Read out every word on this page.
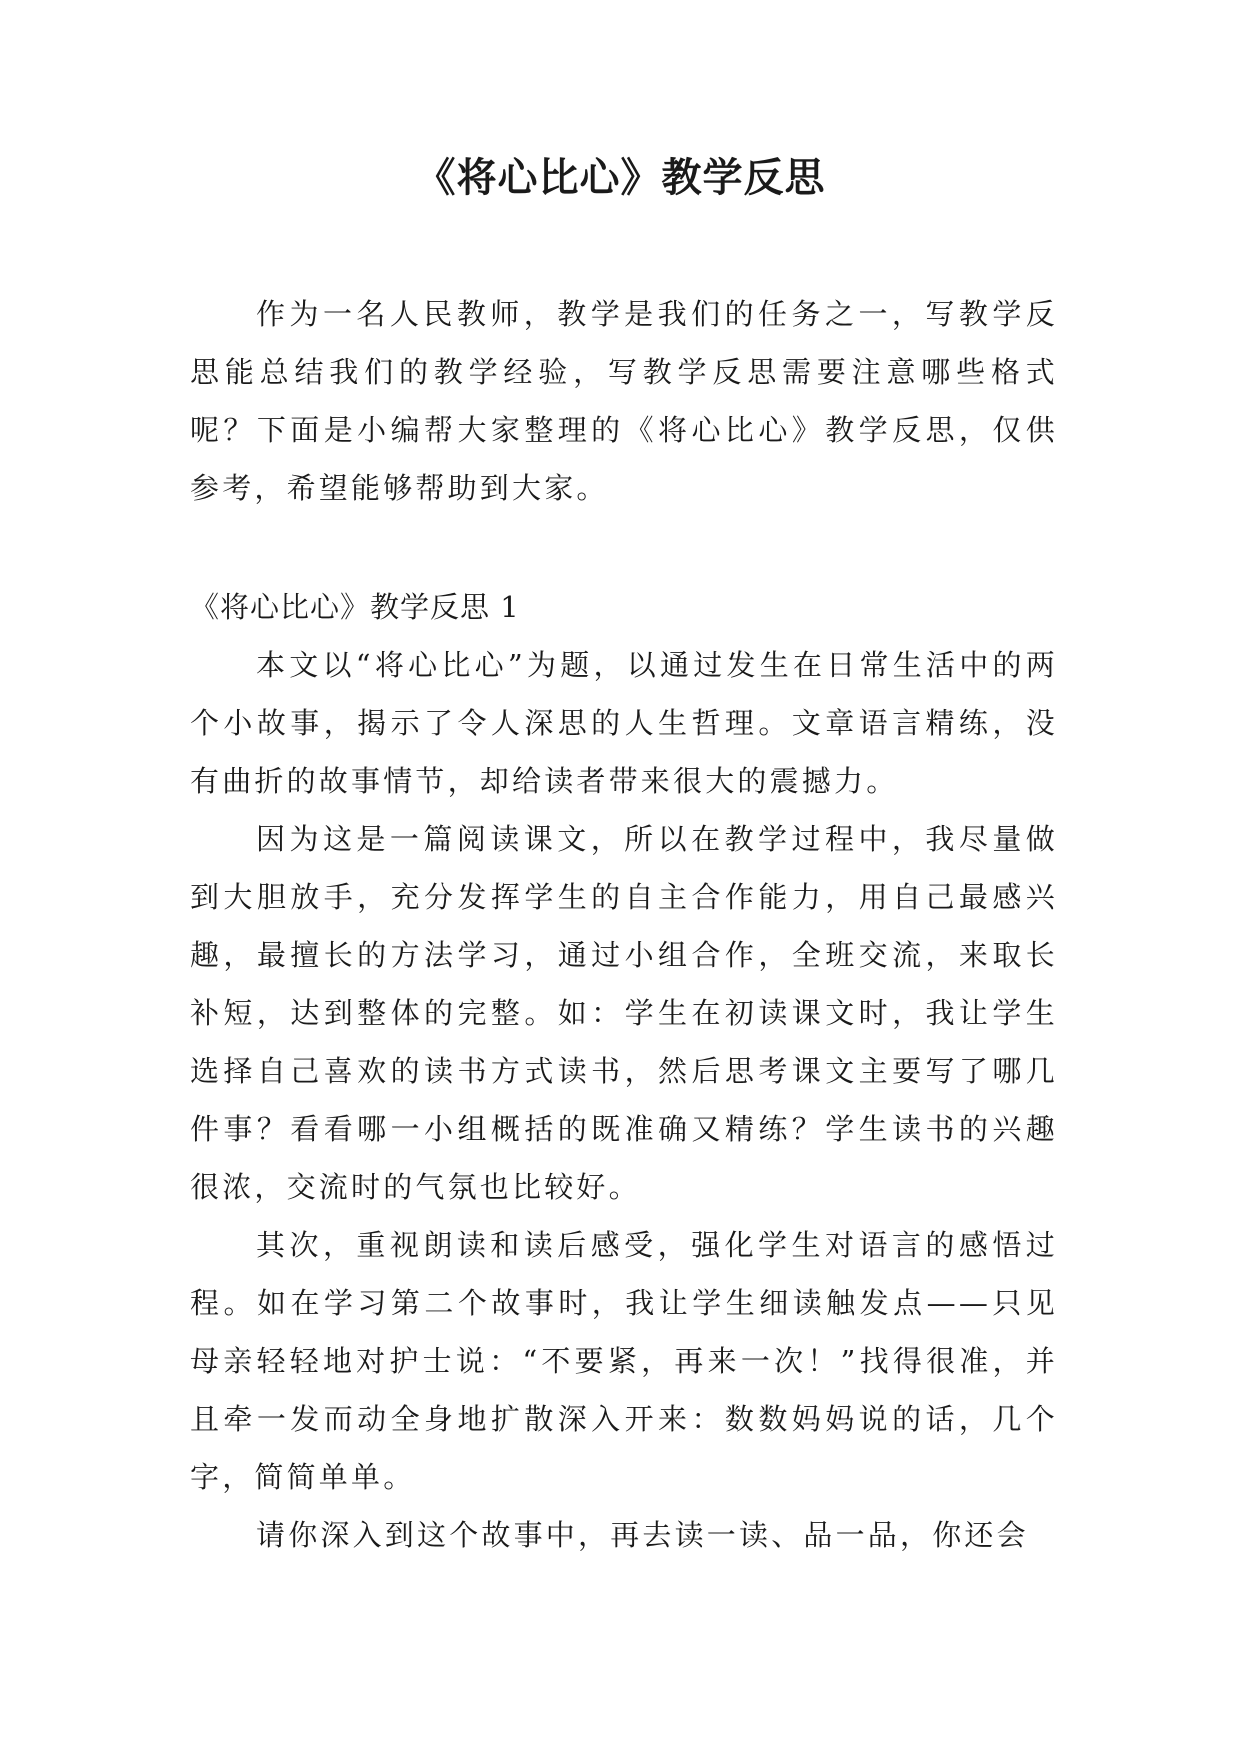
《将心比心》教学反思

作为一名人民教师，教学是我们的任务之一，写教学反思能总结我们的教学经验，写教学反思需要注意哪些格式呢？下面是小编帮大家整理的《将心比心》教学反思，仅供参考，希望能够帮助到大家。

《将心比心》教学反思 1

本文以“将心比心”为题，以通过发生在日常生活中的两个小故事，揭示了令人深思的人生哲理。文章语言精练，没有曲折的故事情节，却给读者带来很大的震撼力。

因为这是一篇阅读课文，所以在教学过程中，我尽量做到大胆放手，充分发挥学生的自主合作能力，用自己最感兴趣，最擅长的方法学习，通过小组合作，全班交流，来取长补短，达到整体的完整。如：学生在初读课文时，我让学生选择自己喜欢的读书方式读书，然后思考课文主要写了哪几件事？看看哪一小组概括的既准确又精练？学生读书的兴趣很浓，交流时的气氛也比较好。

其次，重视朗读和读后感受，强化学生对语言的感悟过程。如在学习第二个故事时，我让学生细读触发点——只见母亲轻轻地对护士说：“不要紧，再来一次！”找得很准，并且牵一发而动全身地扩散深入开来：数数妈妈说的话，几个字，简简单单。

请你深入到这个故事中，再去读一读、品一品，你还会
